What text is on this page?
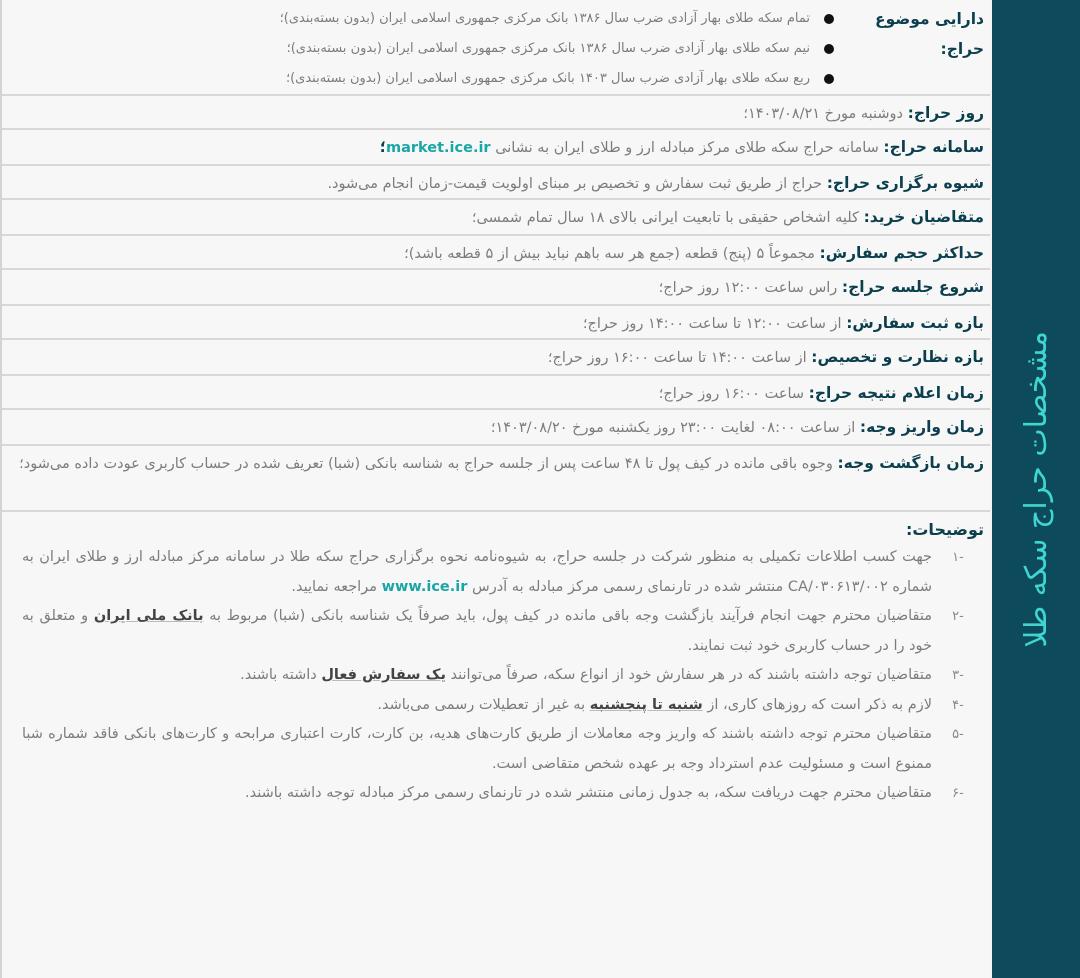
مشخصات حراج سکه طلا
دارایی موضوع حراج:
تمام سکه طلای بهار آزادی ضرب سال ۱۳۸۶ بانک مرکزی جمهوری اسلامی ایران (بدون بسته‌بندی)؛
نیم سکه طلای بهار آزادی ضرب سال ۱۳۸۶ بانک مرکزی جمهوری اسلامی ایران (بدون بسته‌بندی)؛
ربع سکه طلای بهار آزادی ضرب سال ۱۴۰۳ بانک مرکزی جمهوری اسلامی ایران (بدون بسته‌بندی)؛
روز حراج: دوشنبه مورخ ۱۴۰۳/۰۸/۲۱؛
سامانه حراج: سامانه حراج سکه طلای مرکز مبادله ارز و طلای ایران به نشانی market.ice.ir؛
شیوه برگزاری حراج: حراج از طریق ثبت سفارش و تخصیص بر مبنای اولویت قیمت-زمان انجام می‌شود.
متقاضیان خرید: کلیه اشخاص حقیقی با تابعیت ایرانی بالای ۱۸ سال تمام شمسی؛
حداکثر حجم سفارش: مجموعاً ۵ (پنج) قطعه (جمع هر سه باهم نباید بیش از ۵ قطعه باشد)؛
شروع جلسه حراج: راس ساعت ۱۲:۰۰ روز حراج؛
بازه ثبت سفارش: از ساعت ۱۲:۰۰ تا ساعت ۱۴:۰۰ روز حراج؛
بازه نظارت و تخصیص: از ساعت ۱۴:۰۰ تا ساعت ۱۶:۰۰ روز حراج؛
زمان اعلام نتیجه حراج: ساعت ۱۶:۰۰ روز حراج؛
زمان واریز وجه: از ساعت ۰۸:۰۰ لغایت ۲۳:۰۰ روز یکشنبه مورخ ۱۴۰۳/۰۸/۲۰؛
زمان بازگشت وجه: وجوه باقی مانده در کیف پول تا ۴۸ ساعت پس از جلسه حراج به شناسه بانکی (شبا) تعریف شده در حساب کاربری عودت داده می‌شود؛
توضیحات:
-۱
جهت کسب اطلاعات تکمیلی به منظور شرکت در جلسه حراج، به شیوه‌نامه نحوه برگزاری حراج سکه طلا در سامانه مرکز مبادله ارز و طلای ایران به شماره CA/۰۳۰۶۱۳/۰۰۲ منتشر شده در تارنمای رسمی مرکز مبادله به آدرس www.ice.ir مراجعه نمایید.
-۲
متقاضیان محترم جهت انجام فرآیند بازگشت وجه باقی مانده در کیف پول، باید صرفاً یک شناسه بانکی (شبا) مربوط به بانک ملی ایران و متعلق به خود را در حساب کاربری خود ثبت نمایند.
-۳
متقاضیان توجه داشته باشند که در هر سفارش خود از انواع سکه، صرفاً می‌توانند یک سفارش فعال داشته باشند.
-۴
لازم به ذکر است که روزهای کاری، از شنبه تا پنجشنبه به غیر از تعطیلات رسمی می‌باشد.
-۵
متقاضیان محترم توجه داشته باشند که واریز وجه معاملات از طریق کارت‌های هدیه، بن کارت، کارت اعتباری مرابحه و کارت‌های بانکی فاقد شماره شبا ممنوع است و مسئولیت عدم استرداد وجه بر عهده شخص متقاضی است.
-۶
متقاضیان محترم جهت دریافت سکه، به جدول زمانی منتشر شده در تارنمای رسمی مرکز مبادله توجه داشته باشند.
